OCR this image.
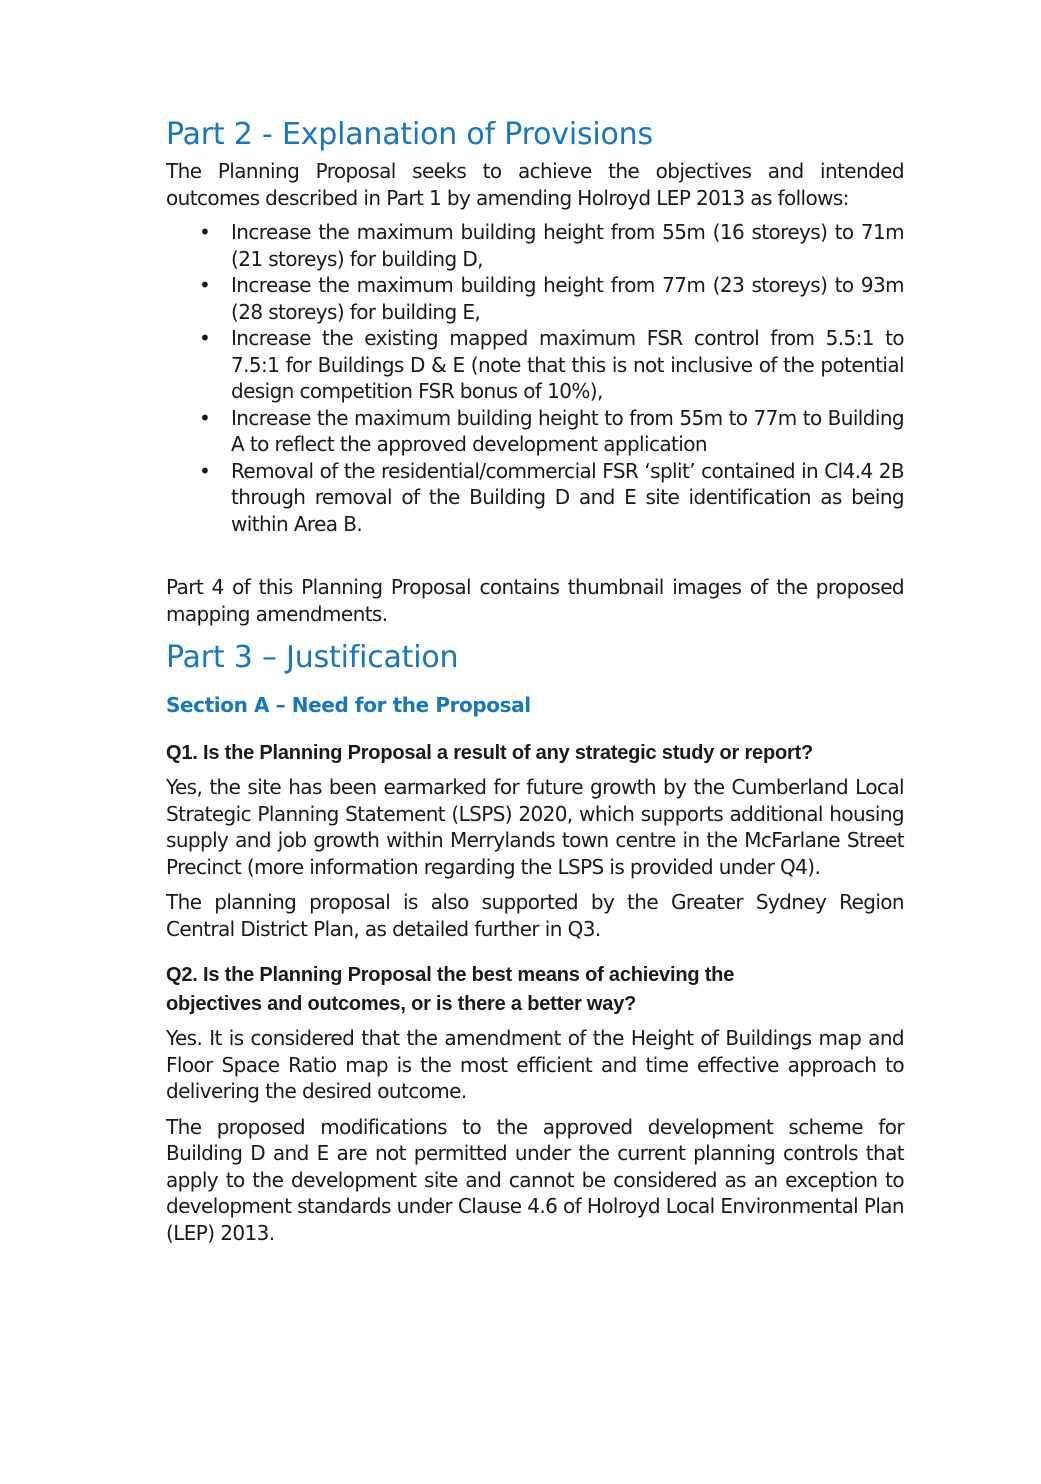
Part 2 - Explanation of Provisions

The Planning Proposal seeks to achieve the objectives and intended outcomes described in Part 1 by amending Holroyd LEP 2013 as follows:

• Increase the maximum building height from 55m (16 storeys) to 71m (21 storeys) for building D,
• Increase the maximum building height from 77m (23 storeys) to 93m (28 storeys) for building E,
• Increase the existing mapped maximum FSR control from 5.5:1 to 7.5:1 for Buildings D & E (note that this is not inclusive of the potential design competition FSR bonus of 10%),
• Increase the maximum building height to from 55m to 77m to Building A to reflect the approved development application
• Removal of the residential/commercial FSR ‘split’ contained in Cl4.4 2B through removal of the Building D and E site identification as being within Area B.

Part 4 of this Planning Proposal contains thumbnail images of the proposed mapping amendments.

Part 3 – Justification
Section A – Need for the Proposal

Q1. Is the Planning Proposal a result of any strategic study or report?

Yes, the site has been earmarked for future growth by the Cumberland Local Strategic Planning Statement (LSPS) 2020, which supports additional housing supply and job growth within Merrylands town centre in the McFarlane Street Precinct (more information regarding the LSPS is provided under Q4).

The planning proposal is also supported by the Greater Sydney Region Central District Plan, as detailed further in Q3.

Q2. Is the Planning Proposal the best means of achieving the
objectives and outcomes, or is there a better way?

Yes. It is considered that the amendment of the Height of Buildings map and Floor Space Ratio map is the most efficient and time effective approach to delivering the desired outcome.

The proposed modifications to the approved development scheme for Building D and E are not permitted under the current planning controls that apply to the development site and cannot be considered as an exception to development standards under Clause 4.6 of Holroyd Local Environmental Plan (LEP) 2013.
